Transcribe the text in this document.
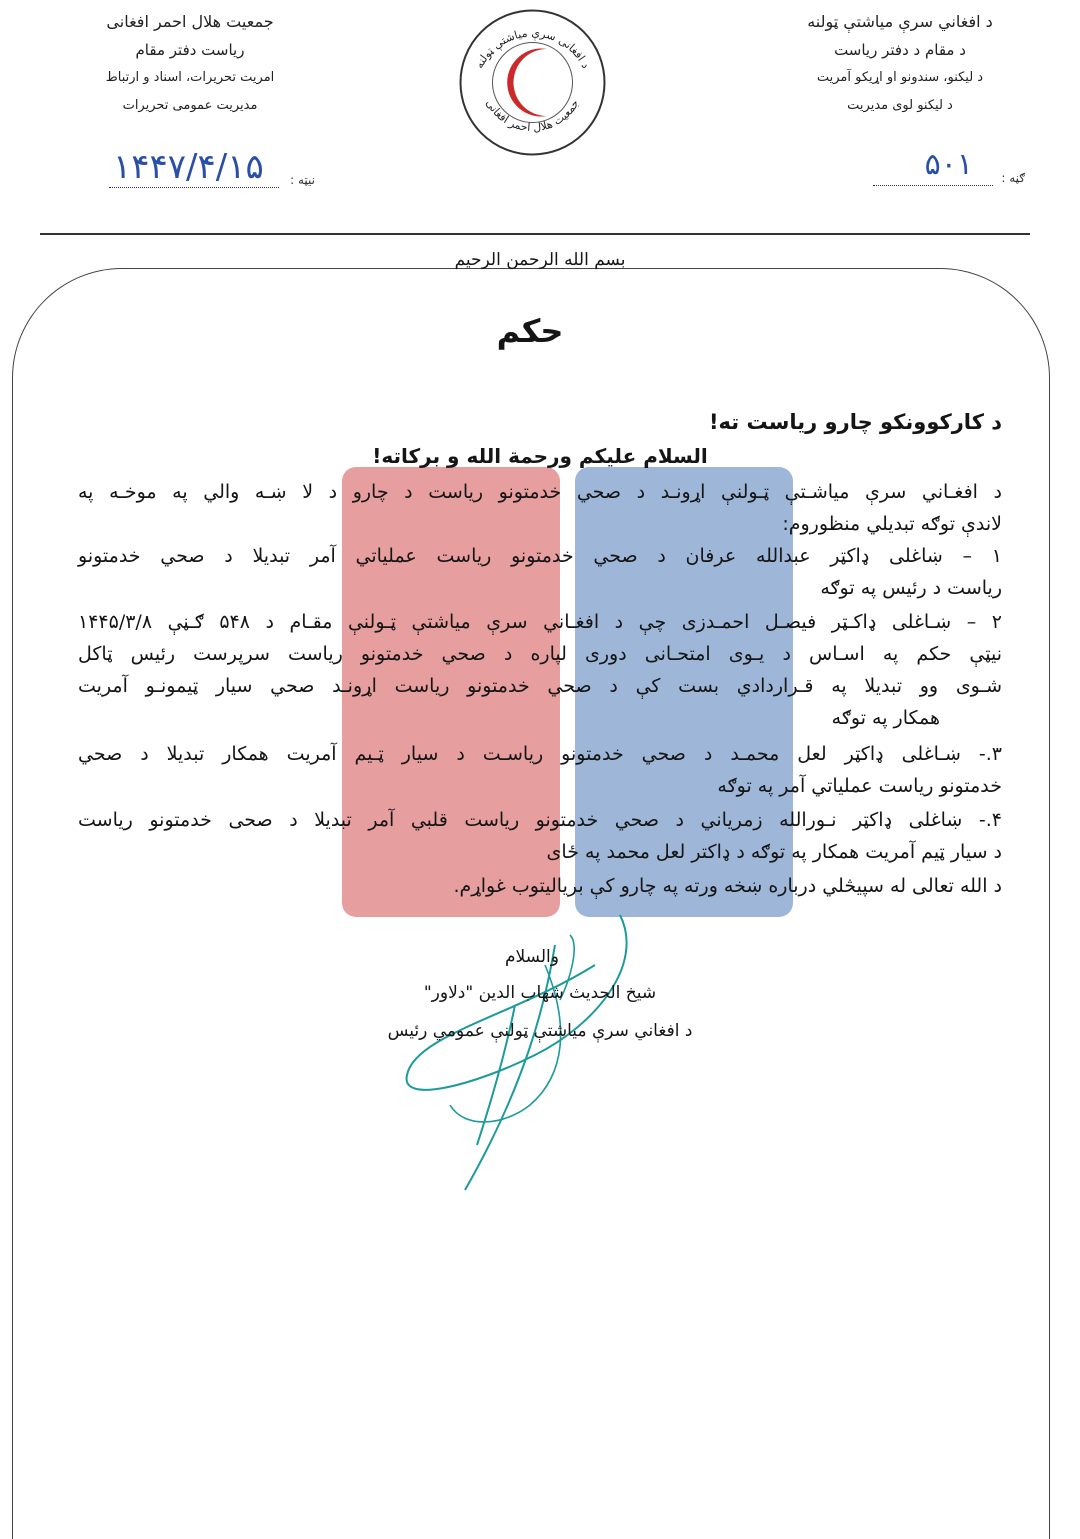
د افغاني سرې مياشتې ټولنه
د مقام د دفتر رياست
د ليکنو، سندونو او اړيکو آمريت
د ليکنو لوی مديريت
جمعیت هلال احمر افغانی
ریاست دفتر مقام
امریت تحریرات، اسناد و ارتباط
مدیریت عمومی تحریرات
د افغانی سرې مياشتې ټولنه
جمعیت هلال احمر افغانی
ګڼه :
۵۰۱
نیټه :
۱۴۴۷/۴/۱۵
بسم الله الرحمن الرحيم
حکم
د کارکوونکو چارو رياست ته!
السلام عليکم ورحمة الله و برکاته!
د افغـاني سرې مياشـتې ټـولنې اړونـد د صحي خدمتونو رياست د چارو د لا ښـه والي په موخـه په
لاندې توګه تبدیلي منظوروم:
۱ – ښاغلی ډاکټر عبدالله عرفان د صحي خدمتونو رياست عملياتي آمر تبديلا د صحي خدمتونو
رياست د رئيس په توګه
۲ – ښـاغلی ډاکـټر فيصـل احمـدزی چې د افغـاني سرې مياشتې ټـولنې مقـام د ۵۴۸ ګـڼې ۱۴۴۵/۳/۸
نیټې حکم په اسـاس د يـوی امتحـانی دوری لپاره د صحي خدمتونو رياست سرپرست رئيس ټاکل
شـوی وو تبديلا په قـراردادي بست کې د صحي خدمتونو رياست اړونـد صحي سيار ټيمونـو آمريت
همکار په توګه
۳.- ښـاغلی ډاکټر لعل محمـد د صحي خدمتونو رياسـت د سيار ټـيم آمريت همکار تبدیلا د صحي
خدمتونو رياست عملياتي آمر په توګه
۴.- ښاغلی ډاکټر نـورالله زمرياني د صحي خدمتونو رياست قلبي آمر تبديلا د صحی خدمتونو رياست
د سيار ټيم آمريت همکار په توګه د ډاکتر لعل محمد په ځای
د الله تعالی له سپيڅلي درباره ښخه ورته په چارو کې برياليتوب غواړم.
والسلام
شيخ الحديث شهاب الدين "دلاور"
د افغاني سرې مياشتې ټولنې عمومي رئيس
